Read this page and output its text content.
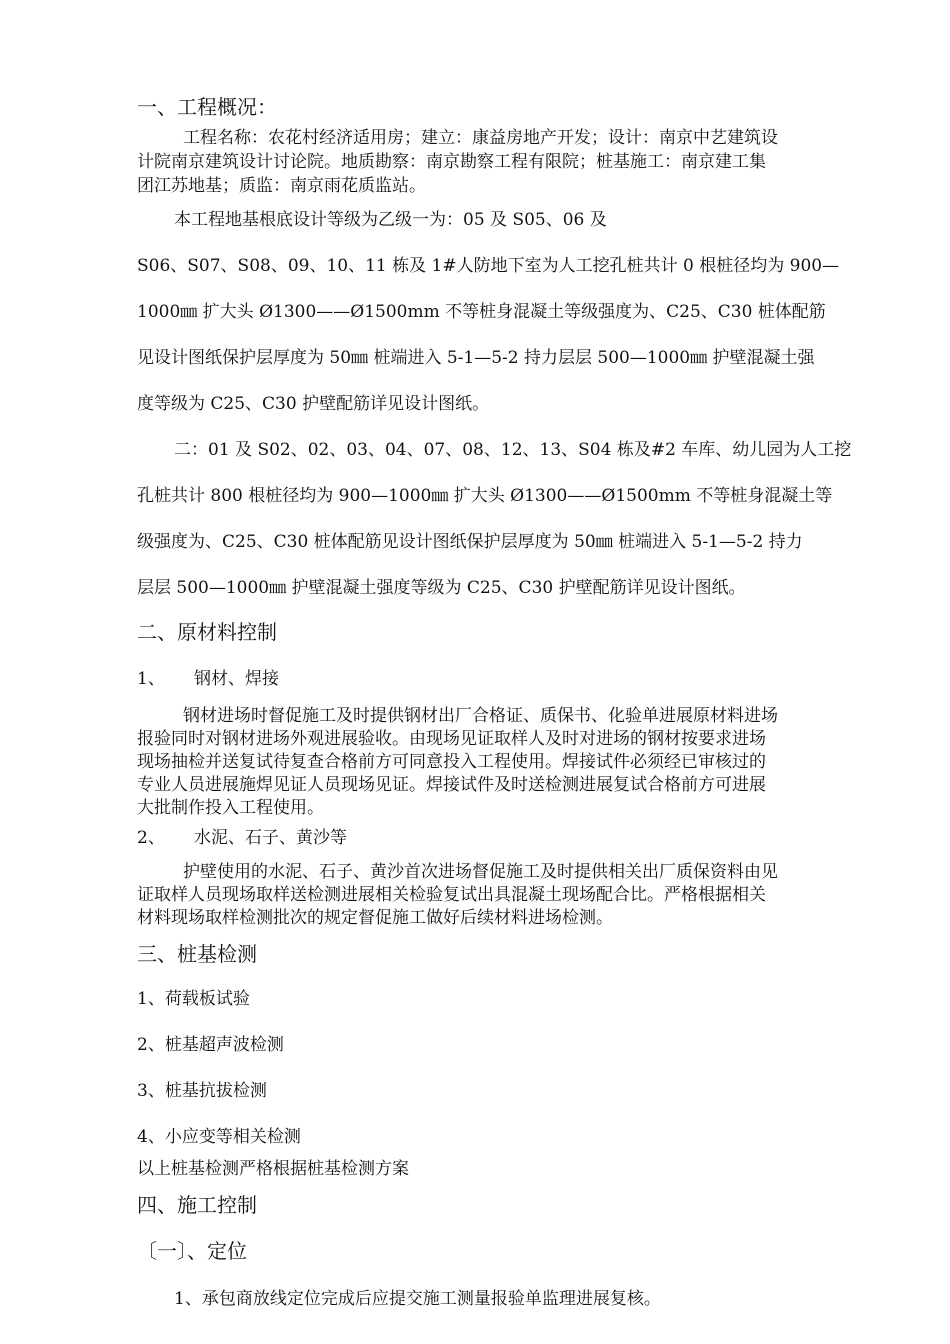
一、工程概况：
工程名称：农花村经济适用房；建立：康益房地产开发；设计：南京中艺建筑设
计院南京建筑设计讨论院。地质勘察：南京勘察工程有限院；桩基施工：南京建工集
团江苏地基；质监：南京雨花质监站。
本工程地基根底设计等级为乙级一为：05 及 S05、06 及
S06、S07、S08、09、10、11 栋及 1#人防地下室为人工挖孔桩共计 0 根桩径均为 900—
1000㎜ 扩大头 Ø1300——Ø1500mm 不等桩身混凝土等级强度为、C25、C30 桩体配筋
见设计图纸保护层厚度为 50㎜ 桩端进入 5-1—5-2 持力层层 500—1000㎜ 护壁混凝土强
度等级为 C25、C30 护壁配筋详见设计图纸。
二：01 及 S02、02、03、04、07、08、12、13、S04 栋及#2 车库、幼儿园为人工挖
孔桩共计 800 根桩径均为 900—1000㎜ 扩大头 Ø1300——Ø1500mm 不等桩身混凝土等
级强度为、C25、C30 桩体配筋见设计图纸保护层厚度为 50㎜ 桩端进入 5-1—5-2 持力
层层 500—1000㎜ 护壁混凝土强度等级为 C25、C30 护壁配筋详见设计图纸。
二、原材料控制
1、 钢材、焊接
钢材进场时督促施工及时提供钢材出厂合格证、质保书、化验单进展原材料进场
报验同时对钢材进场外观进展验收。由现场见证取样人及时对进场的钢材按要求进场
现场抽检并送复试待复查合格前方可同意投入工程使用。焊接试件必须经已审核过的
专业人员进展施焊见证人员现场见证。焊接试件及时送检测进展复试合格前方可进展
大批制作投入工程使用。
2、 水泥、石子、黄沙等
护壁使用的水泥、石子、黄沙首次进场督促施工及时提供相关出厂质保资料由见
证取样人员现场取样送检测进展相关检验复试出具混凝土现场配合比。严格根据相关
材料现场取样检测批次的规定督促施工做好后续材料进场检测。
三、桩基检测
1、荷载板试验
2、桩基超声波检测
3、桩基抗拔检测
4、小应变等相关检测
以上桩基检测严格根据桩基检测方案
四、施工控制
〔一〕、定位
1、承包商放线定位完成后应提交施工测量报验单监理进展复核。
